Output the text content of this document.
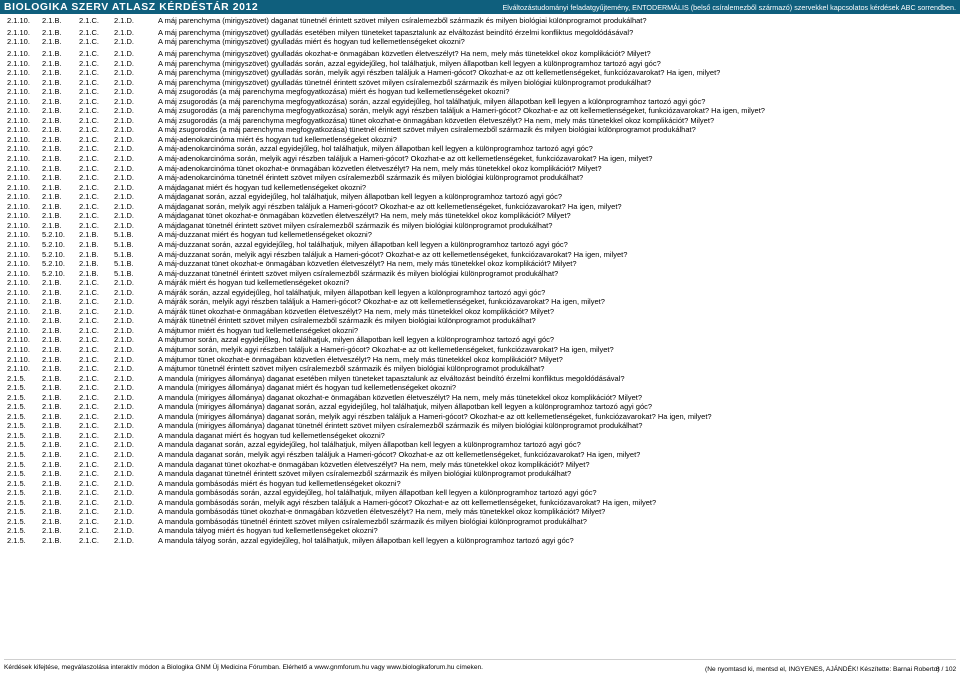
BIOLOGIKA SZERV ATLASZ KÉRDÉSTÁR 2012	Elváltozástudományi feladatgyűjtemény, ENTODERMÁLIS (belső csíralemezből származó) szervekkel kapcsolatos kérdések ABC sorrendben.
2.1.10.	2.1.B.	2.1.C.	2.1.D.	A máj parenchyma (mirigyszövet) daganat tünetnél érintett szövet milyen csíralemezből származik és milyen biológiai különprogramot produkálhat?
2.1.10.	2.1.B.	2.1.C.	2.1.D.	A máj parenchyma (mirigyszövet) gyulladás esetében milyen tüneteket tapasztalunk az elváltozást beindító érzelmi konfliktus megoldódásával?
2.1.10.	2.1.B.	2.1.C.	2.1.D.	A máj parenchyma (mirigyszövet) gyulladás miért és hogyan tud kellemetlenségeket okozni?
2.1.10.	2.1.B.	2.1.C.	2.1.D.	A máj parenchyma (mirigyszövet) gyulladás okozhat-e önmagában közvetlen életveszélyt? Ha nem, mely más tünetekkel okoz komplikációt? Milyet?
2.1.10.	2.1.B.	2.1.C.	2.1.D.	A máj parenchyma (mirigyszövet) gyulladás során, azzal egyidejűleg, hol találhatjuk, milyen állapotban kell legyen a különprogramhoz tartozó agyi góc?
2.1.10.	2.1.B.	2.1.C.	2.1.D.	A máj parenchyma (mirigyszövet) gyulladás során, melyik agyi részben találjuk a Hameri-gócot? Okozhat-e az ott kellemetlenségeket, funkciózavarokat? Ha igen, milyet?
2.1.10.	2.1.B.	2.1.C.	2.1.D.	A máj parenchyma (mirigyszövet) gyulladás tünetnél érintett szövet milyen csíralemezből származik és milyen biológiai különprogramot produkálhat?
2.1.10.	2.1.B.	2.1.C.	2.1.D.	A máj zsugorodás (a máj parenchyma megfogyatkozása) miért és hogyan tud kellemetlenségeket okozni?
2.1.10.	2.1.B.	2.1.C.	2.1.D.	A máj zsugorodás (a máj parenchyma megfogyatkozása) során, azzal egyidejűleg, hol találhatjuk, milyen állapotban kell legyen a különprogramhoz tartozó agyi góc?
2.1.10.	2.1.B.	2.1.C.	2.1.D.	A máj zsugorodás (a máj parenchyma megfogyatkozása) során, melyik agyi részben találjuk a Hameri-gócot? Okozhat-e az ott kellemetlenségeket, funkciózavarokat? Ha igen, milyet?
2.1.10.	2.1.B.	2.1.C.	2.1.D.	A máj zsugorodás (a máj parenchyma megfogyatkozása) tünet okozhat-e önmagában közvetlen életveszélyt? Ha nem, mely más tünetekkel okoz komplikációt? Milyet?
2.1.10.	2.1.B.	2.1.C.	2.1.D.	A máj zsugorodás (a máj parenchyma megfogyatkozása) tünetnél érintett szövet milyen csíralemezből származik és milyen biológiai különprogramot produkálhat?
2.1.10.	2.1.B.	2.1.C.	2.1.D.	A máj-adenokarcinóma miért és hogyan tud kellemetlenségeket okozni?
2.1.10.	2.1.B.	2.1.C.	2.1.D.	A máj-adenokarcinóma során, azzal egyidejűleg, hol találhatjuk, milyen állapotban kell legyen a különprogramhoz tartozó agyi góc?
2.1.10.	2.1.B.	2.1.C.	2.1.D.	A máj-adenokarcinóma során, melyik agyi részben találjuk a Hameri-gócot? Okozhat-e az ott kellemetlenségeket, funkciózavarokat? Ha igen, milyet?
2.1.10.	2.1.B.	2.1.C.	2.1.D.	A máj-adenokarcinóma tünet okozhat-e önmagában közvetlen életveszélyt? Ha nem, mely más tünetekkel okoz komplikációt? Milyet?
2.1.10.	2.1.B.	2.1.C.	2.1.D.	A máj-adenokarcinóma tünetnél érintett szövet milyen csíralemezből származik és milyen biológiai különprogramot produkálhat?
2.1.10.	2.1.B.	2.1.C.	2.1.D.	A májdaganat miért és hogyan tud kellemetlenségeket okozni?
2.1.10.	2.1.B.	2.1.C.	2.1.D.	A májdaganat során, azzal egyidejűleg, hol találhatjuk, milyen állapotban kell legyen a különprogramhoz tartozó agyi góc?
2.1.10.	2.1.B.	2.1.C.	2.1.D.	A májdaganat során, melyik agyi részben találjuk a Hameri-gócot? Okozhat-e az ott kellemetlenségeket, funkciózavarokat? Ha igen, milyet?
2.1.10.	2.1.B.	2.1.C.	2.1.D.	A májdaganat tünet okozhat-e önmagában közvetlen életveszélyt? Ha nem, mely más tünetekkel okoz komplikációt? Milyet?
2.1.10.	2.1.B.	2.1.C.	2.1.D.	A májdaganat tünetnél érintett szövet milyen csíralemezből származik és milyen biológiai különprogramot produkálhat?
2.1.10.	5.2.10.	2.1.B.	5.1.B.	A máj-duzzanat miért és hogyan tud kellemetlenségeket okozni?
2.1.10.	5.2.10.	2.1.B.	5.1.B.	A máj-duzzanat során, azzal egyidejűleg, hol találhatjuk, milyen állapotban kell legyen a különprogramhoz tartozó agyi góc?
2.1.10.	5.2.10.	2.1.B.	5.1.B.	A máj-duzzanat során, melyik agyi részben találjuk a Hameri-gócot? Okozhat-e az ott kellemetlenségeket, funkciózavarokat? Ha igen, milyet?
2.1.10.	5.2.10.	2.1.B.	5.1.B.	A máj-duzzanat tünet okozhat-e önmagában közvetlen életveszélyt? Ha nem, mely más tünetekkel okoz komplikációt? Milyet?
2.1.10.	5.2.10.	2.1.B.	5.1.B.	A máj-duzzanat tünetnél érintett szövet milyen csíralemezből származik és milyen biológiai különprogramot produkálhat?
2.1.10.	2.1.B.	2.1.C.	2.1.D.	A májrák miért és hogyan tud kellemetlenségeket okozni?
2.1.10.	2.1.B.	2.1.C.	2.1.D.	A májrák során, azzal egyidejűleg, hol találhatjuk, milyen állapotban kell legyen a különprogramhoz tartozó agyi góc?
2.1.10.	2.1.B.	2.1.C.	2.1.D.	A májrák során, melyik agyi részben találjuk a Hameri-gócot? Okozhat-e az ott kellemetlenségeket, funkciózavarokat? Ha igen, milyet?
2.1.10.	2.1.B.	2.1.C.	2.1.D.	A májrák tünet okozhat-e önmagában közvetlen életveszélyt? Ha nem, mely más tünetekkel okoz komplikációt? Milyet?
2.1.10.	2.1.B.	2.1.C.	2.1.D.	A májrák tünetnél érintett szövet milyen csíralemezből származik és milyen biológiai különprogramot produkálhat?
2.1.10.	2.1.B.	2.1.C.	2.1.D.	A májtumor miért és hogyan tud kellemetlenségeket okozni?
2.1.10.	2.1.B.	2.1.C.	2.1.D.	A májtumor során, azzal egyidejűleg, hol találhatjuk, milyen állapotban kell legyen a különprogramhoz tartozó agyi góc?
2.1.10.	2.1.B.	2.1.C.	2.1.D.	A májtumor során, melyik agyi részben találjuk a Hameri-gócot? Okozhat-e az ott kellemetlenségeket, funkciózavarokat? Ha igen, milyet?
2.1.10.	2.1.B.	2.1.C.	2.1.D.	A májtumor tünet okozhat-e önmagában közvetlen életveszélyt? Ha nem, mely más tünetekkel okoz komplikációt? Milyet?
2.1.10.	2.1.B.	2.1.C.	2.1.D.	A májtumor tünetnél érintett szövet milyen csíralemezből származik és milyen biológiai különprogramot produkálhat?
2.1.5.	2.1.B.	2.1.C.	2.1.D.	A mandula (mirigyes állománya) daganat esetében milyen tüneteket tapasztalunk az elváltozást beindító érzelmi konfliktus megoldódásával?
2.1.5.	2.1.B.	2.1.C.	2.1.D.	A mandula (mirigyes állománya) daganat miért és hogyan tud kellemetlenségeket okozni?
2.1.5.	2.1.B.	2.1.C.	2.1.D.	A mandula (mirigyes állománya) daganat okozhat-e önmagában közvetlen életveszélyt? Ha nem, mely más tünetekkel okoz komplikációt? Milyet?
2.1.5.	2.1.B.	2.1.C.	2.1.D.	A mandula (mirigyes állománya) daganat során, azzal egyidejűleg, hol találhatjuk, milyen állapotban kell legyen a különprogramhoz tartozó agyi góc?
2.1.5.	2.1.B.	2.1.C.	2.1.D.	A mandula (mirigyes állománya) daganat során, melyik agyi részben találjuk a Hameri-gócot? Okozhat-e az ott kellemetlenségeket, funkciózavarokat? Ha igen, milyet?
2.1.5.	2.1.B.	2.1.C.	2.1.D.	A mandula (mirigyes állománya) daganat tünetnél érintett szövet milyen csíralemezből származik és milyen biológiai különprogramot produkálhat?
2.1.5.	2.1.B.	2.1.C.	2.1.D.	A mandula daganat miért és hogyan tud kellemetlenségeket okozni?
2.1.5.	2.1.B.	2.1.C.	2.1.D.	A mandula daganat során, azzal egyidejűleg, hol találhatjuk, milyen állapotban kell legyen a különprogramhoz tartozó agyi góc?
2.1.5.	2.1.B.	2.1.C.	2.1.D.	A mandula daganat során, melyik agyi részben találjuk a Hameri-gócot? Okozhat-e az ott kellemetlenségeket, funkciózavarokat? Ha igen, milyet?
2.1.5.	2.1.B.	2.1.C.	2.1.D.	A mandula daganat tünet okozhat-e önmagában közvetlen életveszélyt? Ha nem, mely más tünetekkel okoz komplikációt? Milyet?
2.1.5.	2.1.B.	2.1.C.	2.1.D.	A mandula daganat tünetnél érintett szövet milyen csíralemezből származik és milyen biológiai különprogramot produkálhat?
2.1.5.	2.1.B.	2.1.C.	2.1.D.	A mandula gombásodás miért és hogyan tud kellemetlenségeket okozni?
2.1.5.	2.1.B.	2.1.C.	2.1.D.	A mandula gombásodás során, azzal egyidejűleg, hol találhatjuk, milyen állapotban kell legyen a különprogramhoz tartozó agyi góc?
2.1.5.	2.1.B.	2.1.C.	2.1.D.	A mandula gombásodás során, melyik agyi részben találjuk a Hameri-gócot? Okozhat-e az ott kellemetlenségeket, funkciózavarokat? Ha igen, milyet?
2.1.5.	2.1.B.	2.1.C.	2.1.D.	A mandula gombásodás tünet okozhat-e önmagában közvetlen életveszélyt? Ha nem, mely más tünetekkel okoz komplikációt? Milyet?
2.1.5.	2.1.B.	2.1.C.	2.1.D.	A mandula gombásodás tünetnél érintett szövet milyen csíralemezből származik és milyen biológiai különprogramot produkálhat?
2.1.5.	2.1.B.	2.1.C.	2.1.D.	A mandula tályog miért és hogyan tud kellemetlenségeket okozni?
2.1.5.	2.1.B.	2.1.C.	2.1.D.	A mandula tályog során, azzal egyidejűleg, hol találhatjuk, milyen állapotban kell legyen a különprogramhoz tartozó agyi góc?
Kérdések kifejtése, megválaszolása interaktív módon a Biologika GNM Új Medicina Fórumban. Elérhető a www.gnmforum.hu vagy www.biologikaforum.hu címeken.	(Ne nyomtasd ki, mentsd el, INGYENES, AJÁNDÉK! Készítette: Barnai Roberto)
8 / 102
